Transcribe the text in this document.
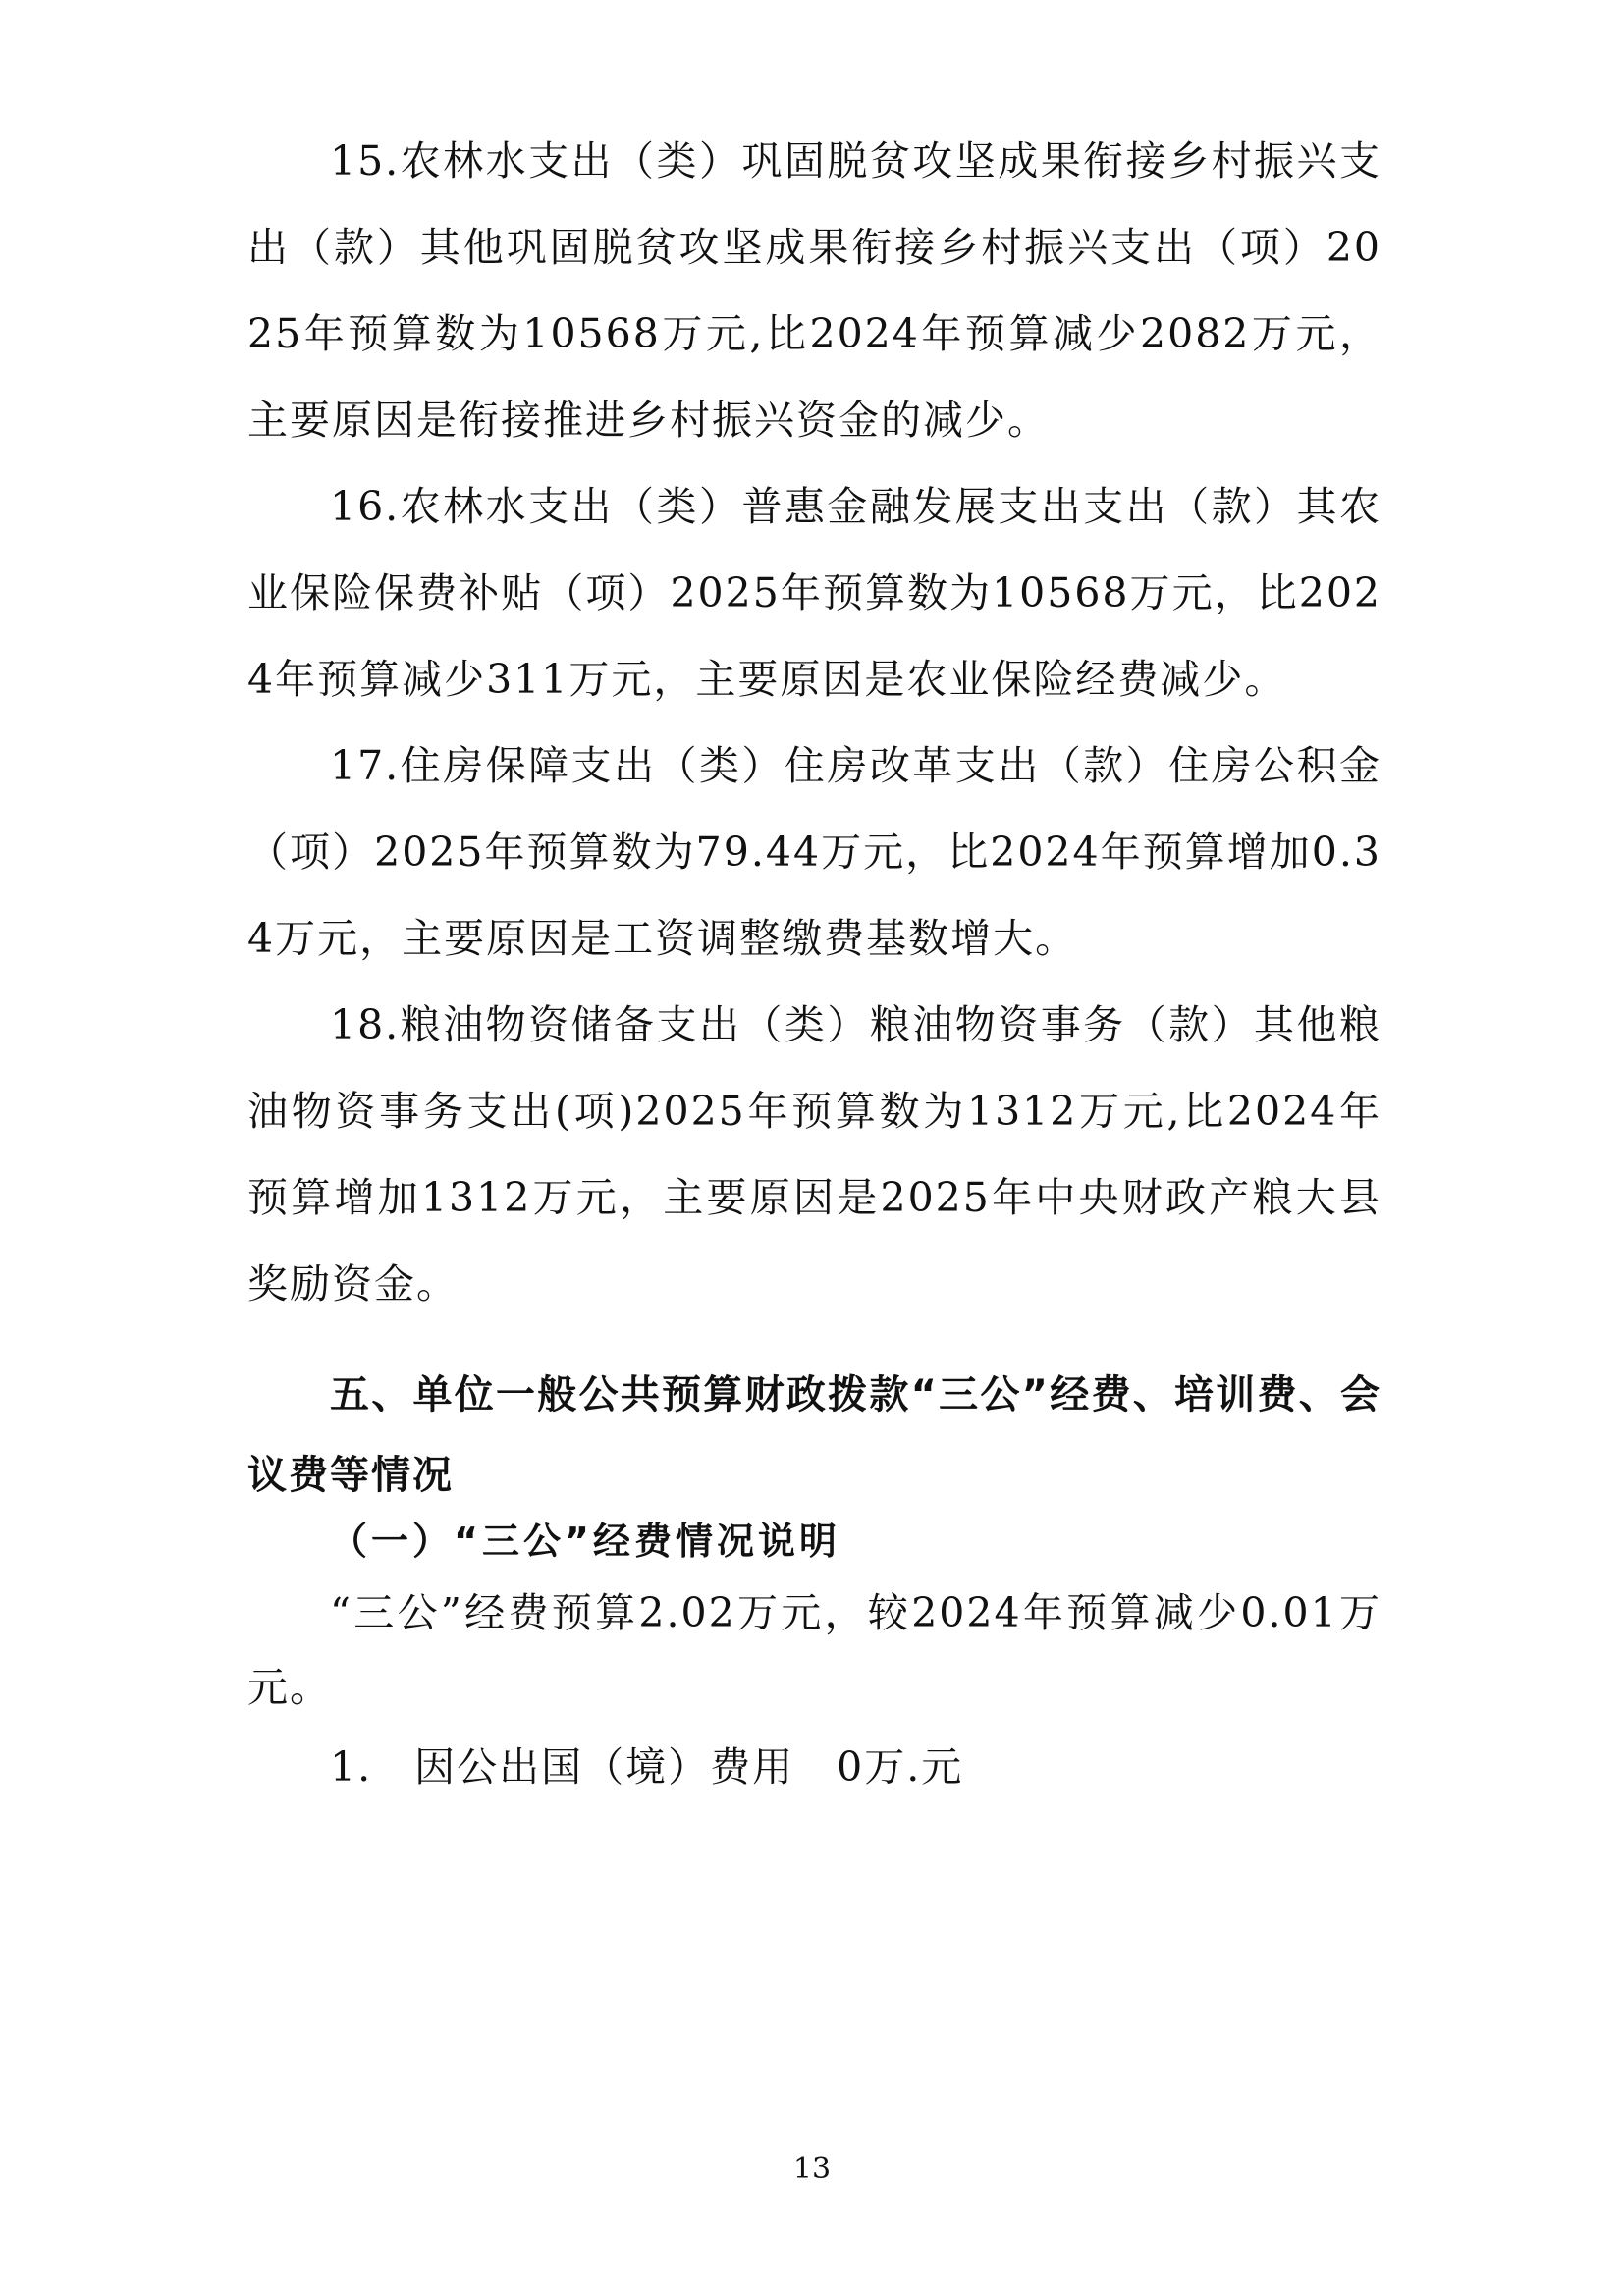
15.农林水支出（类）巩固脱贫攻坚成果衔接乡村振兴支出（款）其他巩固脱贫攻坚成果衔接乡村振兴支出（项）2025年预算数为10568万元,比2024年预算减少2082万元，主要原因是衔接推进乡村振兴资金的减少。

16.农林水支出（类）普惠金融发展支出支出（款）其农业保险保费补贴（项）2025年预算数为10568万元，比2024年预算减少311万元，主要原因是农业保险经费减少。

17.住房保障支出（类）住房改革支出（款）住房公积金（项）2025年预算数为79.44万元，比2024年预算增加0.34万元，主要原因是工资调整缴费基数增大。

18.粮油物资储备支出（类）粮油物资事务（款）其他粮油物资事务支出(项)2025年预算数为1312万元,比2024年预算增加1312万元，主要原因是2025年中央财政产粮大县奖励资金。

五、单位一般公共预算财政拨款“三公”经费、培训费、会议费等情况
（一）“三公”经费情况说明

“三公”经费预算2.02万元，较2024年预算减少0.01万元。

1.　因公出国（境）费用　0万.元

13
